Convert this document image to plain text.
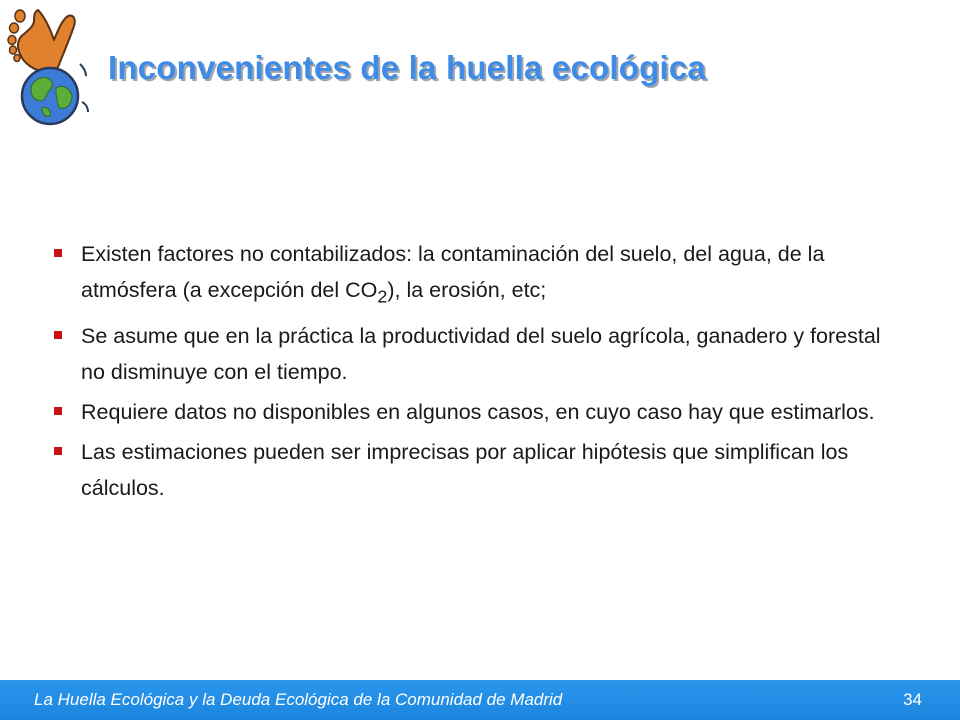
Inconvenientes de la huella ecológica
Existen factores no contabilizados: la contaminación del suelo, del agua, de la atmósfera (a excepción del $CO_2$), la erosión, etc;
Se asume que en la práctica la productividad del suelo agrícola, ganadero y forestal no disminuye con el tiempo.
Requiere datos no disponibles en algunos casos, en cuyo caso hay que estimarlos.
Las estimaciones pueden ser imprecisas por aplicar hipótesis que simplifican los cálculos.
La Huella Ecológica y la Deuda Ecológica de la Comunidad de Madrid	34
